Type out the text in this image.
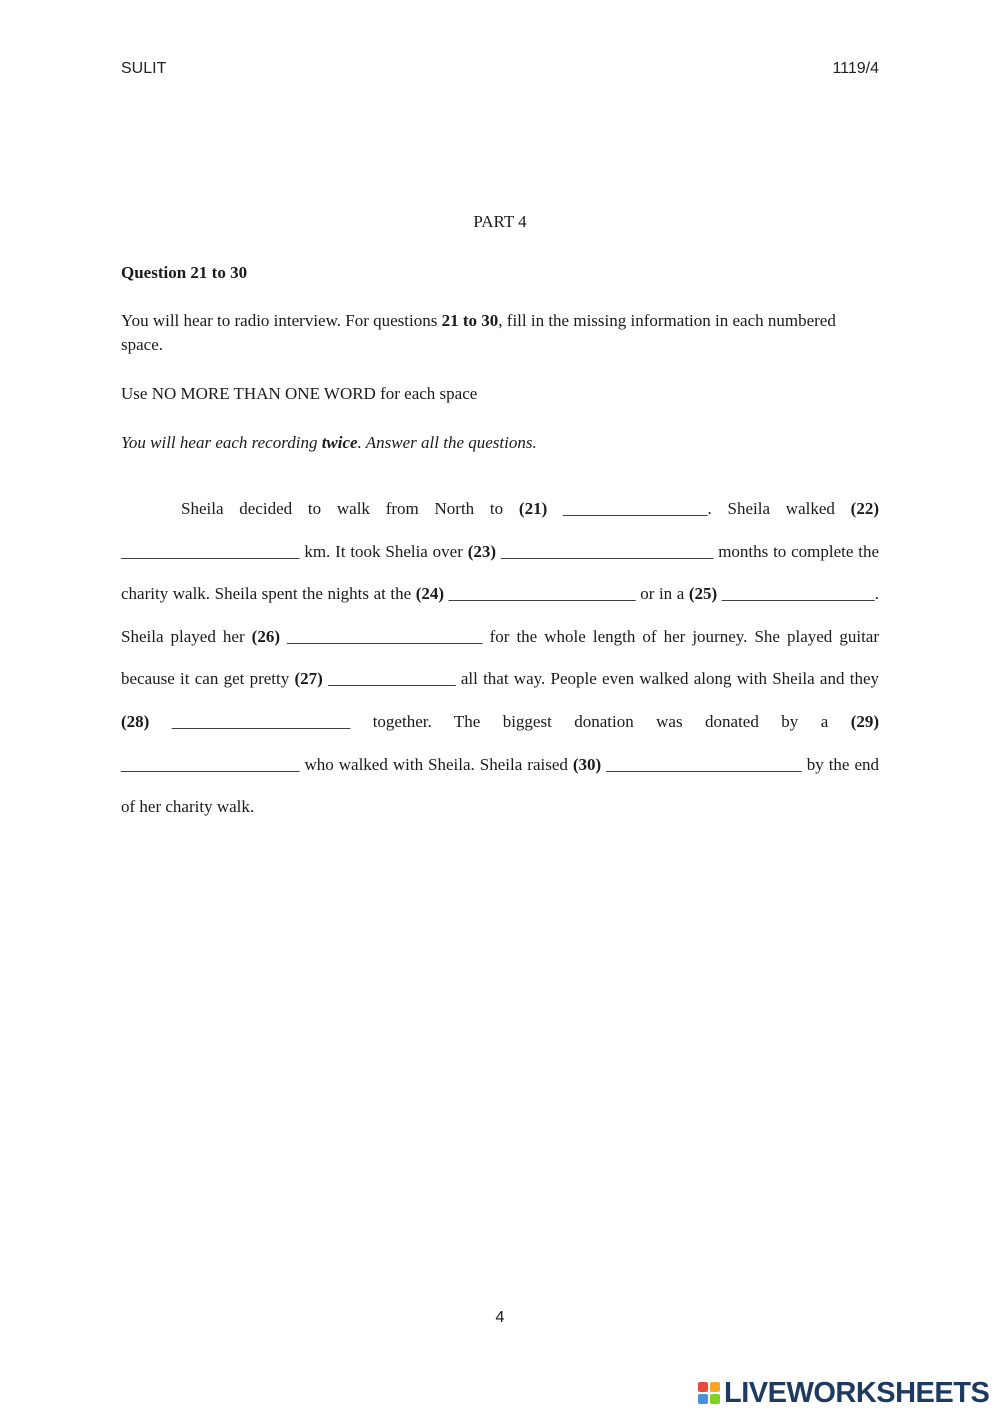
SULIT	1119/4
PART 4
Question 21 to 30
You will hear to radio interview. For questions 21 to 30, fill in the missing information in each numbered space.
Use NO MORE THAN ONE WORD for each space
You will hear each recording twice. Answer all the questions.
Sheila decided to walk from North to (21) _________________. Sheila walked (22) _____________________ km. It took Shelia over (23) _________________________ months to complete the charity walk. Sheila spent the nights at the (24) ______________________ or in a (25) __________________. Sheila played her (26) _______________________ for the whole length of her journey. She played guitar because it can get pretty (27) _______________ all that way. People even walked along with Sheila and they (28) _____________________ together. The biggest donation was donated by a (29) _____________________ who walked with Sheila. Sheila raised (30) _______________________ by the end of her charity walk.
4
LIVEWORKSHEETS
